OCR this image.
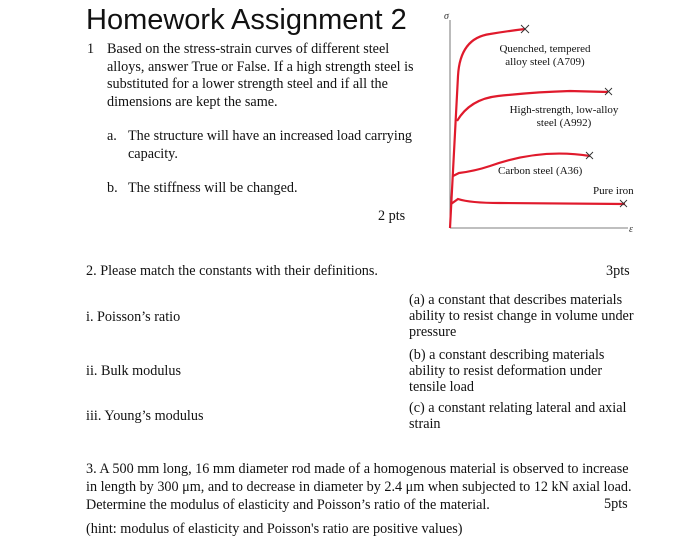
Homework Assignment 2
1 Based on the stress-strain curves of different steel alloys, answer True or False. If a high strength steel is substituted for a lower strength steel and if all the dimensions are kept the same.
a. The structure will have an increased load carrying capacity.
b. The stiffness will be changed.
2 pts
σ
ε
Quenched, tempered alloy steel (A709)
High-strength, low-alloy steel (A992)
Carbon steel (A36)
Pure iron
2. Please match the constants with their definitions.	3pts
i. Poisson’s ratio
ii. Bulk modulus
iii. Young’s modulus
(a) a constant that describes materials ability to resist change in volume under pressure
(b) a constant describing materials ability to resist deformation under tensile load
(c) a constant relating lateral and axial strain
3. A 500 mm long, 16 mm diameter rod made of a homogenous material is observed to increase in length by 300 μm, and to decrease in diameter by 2.4 μm when subjected to 12 kN axial load. Determine the modulus of elasticity and Poisson’s ratio of the material.	5pts
(hint: modulus of elasticity and Poisson's ratio are positive values)
